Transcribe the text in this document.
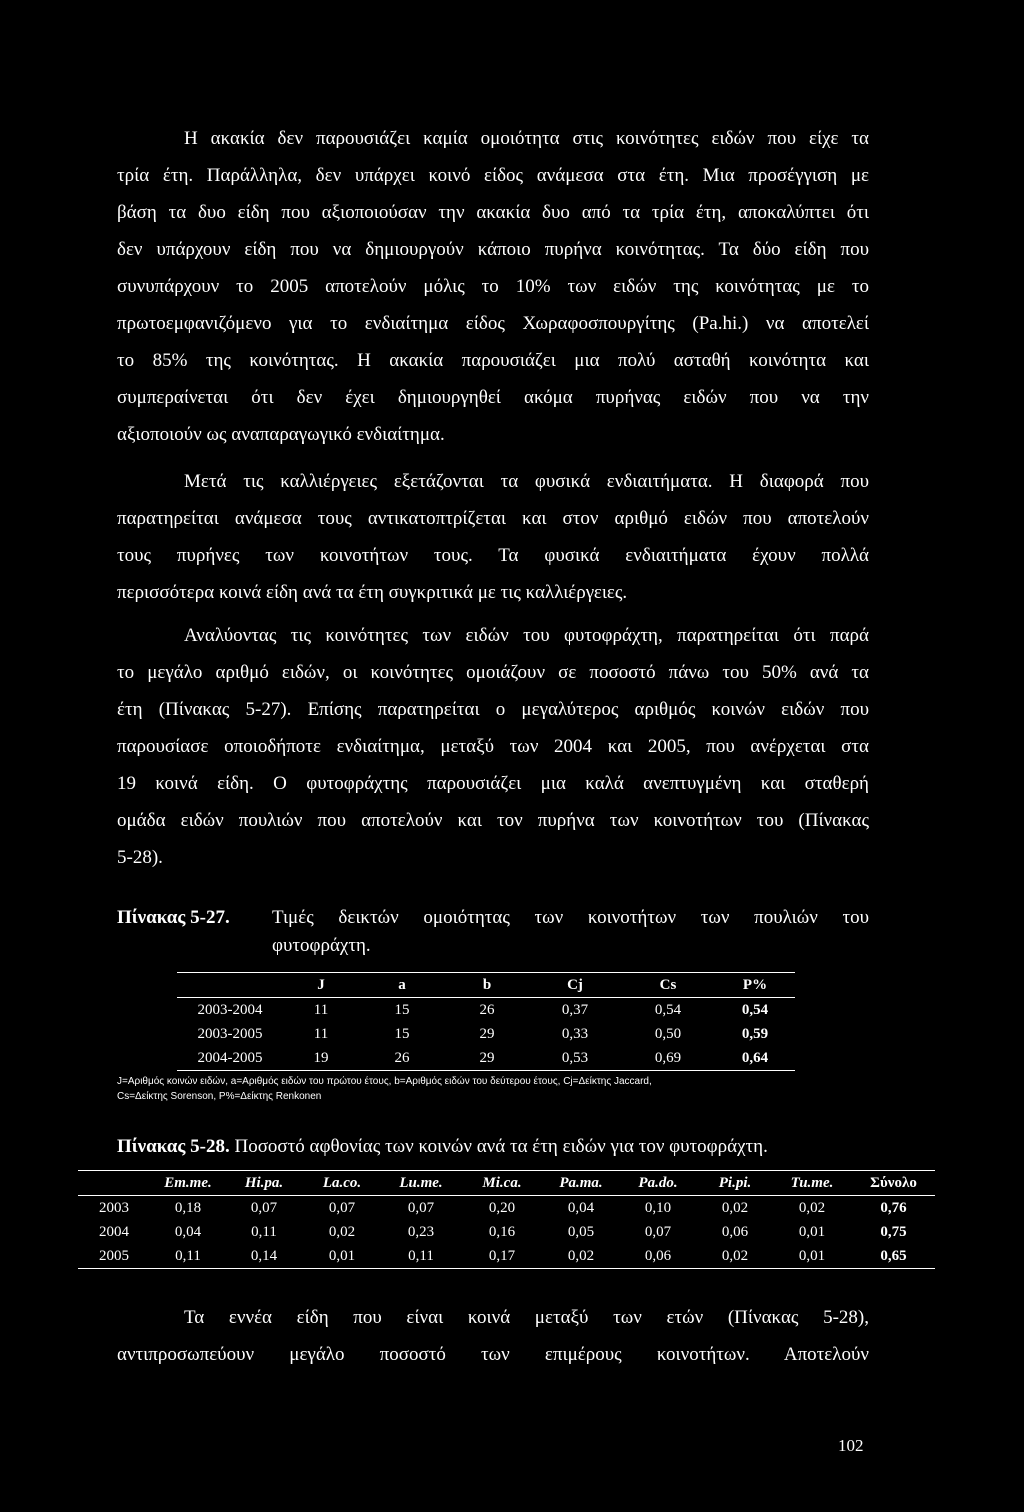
Η ακακία δεν παρουσιάζει καμία ομοιότητα στις κοινότητες ειδών που είχε τα
τρία έτη. Παράλληλα, δεν υπάρχει κοινό είδος ανάμεσα στα έτη. Μια προσέγγιση με
βάση τα δυο είδη που αξιοποιούσαν την ακακία δυο από τα τρία έτη, αποκαλύπτει ότι
δεν υπάρχουν είδη που να δημιουργούν κάποιο πυρήνα κοινότητας. Τα δύο είδη που
συνυπάρχουν το 2005 αποτελούν μόλις το 10% των ειδών της κοινότητας με το
πρωτοεμφανιζόμενο για το ενδιαίτημα είδος Χωραφοσπουργίτης (Pa.hi.) να αποτελεί
το 85% της κοινότητας. Η ακακία παρουσιάζει μια πολύ ασταθή κοινότητα και
συμπεραίνεται ότι δεν έχει δημιουργηθεί ακόμα πυρήνας ειδών που να την
αξιοποιούν ως αναπαραγωγικό ενδιαίτημα.
Μετά τις καλλιέργειες εξετάζονται τα φυσικά ενδιαιτήματα. Η διαφορά που
παρατηρείται ανάμεσα τους αντικατοπτρίζεται και στον αριθμό ειδών που αποτελούν
τους πυρήνες των κοινοτήτων τους. Τα φυσικά ενδιαιτήματα έχουν πολλά
περισσότερα κοινά είδη ανά τα έτη συγκριτικά με τις καλλιέργειες.
Αναλύοντας τις κοινότητες των ειδών του φυτοφράχτη, παρατηρείται ότι παρά
το μεγάλο αριθμό ειδών, οι κοινότητες ομοιάζουν σε ποσοστό πάνω του 50% ανά τα
έτη (Πίνακας 5-27). Επίσης παρατηρείται ο μεγαλύτερος αριθμός κοινών ειδών που
παρουσίασε οποιοδήποτε ενδιαίτημα, μεταξύ των 2004 και 2005, που ανέρχεται στα
19 κοινά είδη. Ο φυτοφράχτης παρουσιάζει μια καλά ανεπτυγμένη και σταθερή
ομάδα ειδών πουλιών που αποτελούν και τον πυρήνα των κοινοτήτων του (Πίνακας
5-28).
Πίνακας 5-27.	Τιμές δεικτών ομοιότητας των κοινοτήτων των πουλιών του
φυτοφράχτη.
	J	a	b	Cj	Cs	P%
2003-2004	11	15	26	0,37	0,54	0,54
2003-2005	11	15	29	0,33	0,50	0,59
2004-2005	19	26	29	0,53	0,69	0,64
J=Αριθμός κοινών ειδών, a=Αριθμός ειδών του πρώτου έτους, b=Αριθμός ειδών του δεύτερου έτους, Cj=Δείκτης Jaccard,
Cs=Δείκτης Sorenson, P%=Δείκτης Renkonen
Πίνακας 5-28. Ποσοστό αφθονίας των κοινών ανά τα έτη ειδών για τον φυτοφράχτη.
	Em.me.	Hi.pa.	La.co.	Lu.me.	Mi.ca.	Pa.ma.	Pa.do.	Pi.pi.	Tu.me.	Σύνολο
2003	0,18	0,07	0,07	0,07	0,20	0,04	0,10	0,02	0,02	0,76
2004	0,04	0,11	0,02	0,23	0,16	0,05	0,07	0,06	0,01	0,75
2005	0,11	0,14	0,01	0,11	0,17	0,02	0,06	0,02	0,01	0,65
Τα εννέα είδη που είναι κοινά μεταξύ των ετών (Πίνακας 5-28),
αντιπροσωπεύουν μεγάλο ποσοστό των επιμέρους κοινοτήτων. Αποτελούν
102
